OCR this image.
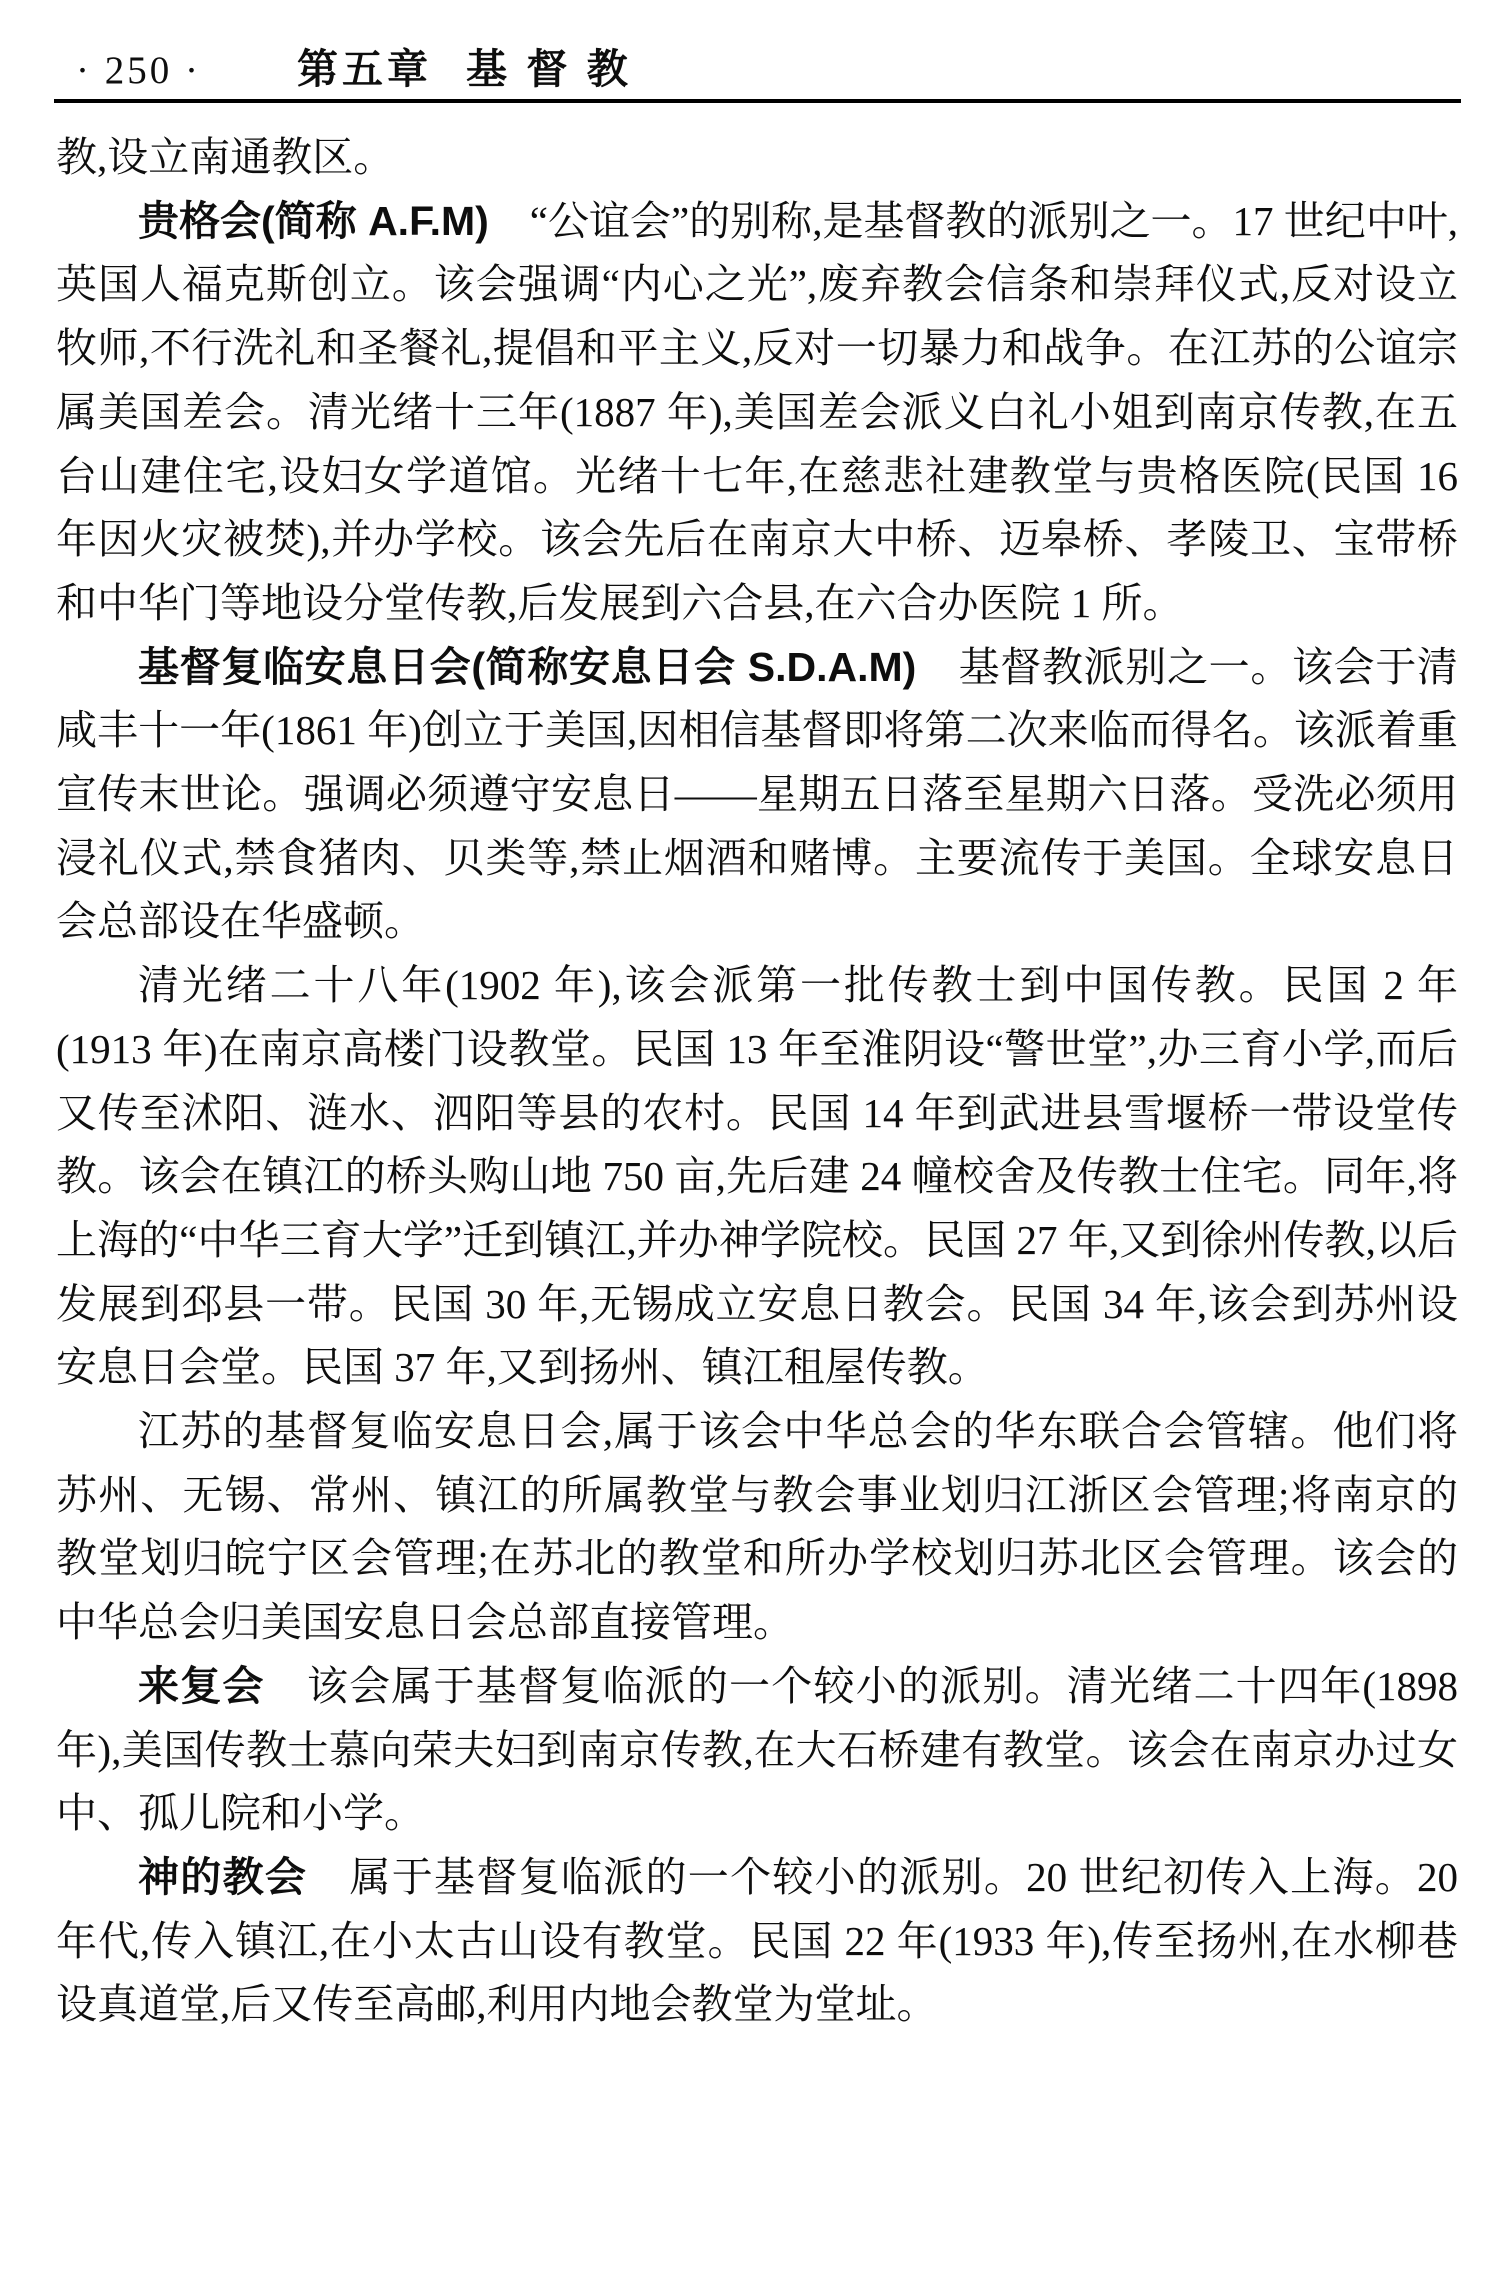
· 250 · 第五章 基 督 教

教,设立南通教区。

贵格会(简称 A.F.M)　“公谊会”的别称,是基督教的派别之一。17 世纪中叶,英国人福克斯创立。该会强调“内心之光”,废弃教会信条和崇拜仪式,反对设立牧师,不行洗礼和圣餐礼,提倡和平主义,反对一切暴力和战争。在江苏的公谊宗属美国差会。清光绪十三年(1887 年),美国差会派义白礼小姐到南京传教,在五台山建住宅,设妇女学道馆。光绪十七年,在慈悲社建教堂与贵格医院(民国 16 年因火灾被焚),并办学校。该会先后在南京大中桥、迈皋桥、孝陵卫、宝带桥和中华门等地设分堂传教,后发展到六合县,在六合办医院 1 所。

基督复临安息日会(简称安息日会 S.D.A.M)　基督教派别之一。该会于清咸丰十一年(1861 年)创立于美国,因相信基督即将第二次来临而得名。该派着重宣传末世论。强调必须遵守安息日——星期五日落至星期六日落。受洗必须用浸礼仪式,禁食猪肉、贝类等,禁止烟酒和赌博。主要流传于美国。全球安息日会总部设在华盛顿。

清光绪二十八年(1902 年),该会派第一批传教士到中国传教。民国 2 年(1913 年)在南京高楼门设教堂。民国 13 年至淮阴设“警世堂”,办三育小学,而后又传至沭阳、涟水、泗阳等县的农村。民国 14 年到武进县雪堰桥一带设堂传教。该会在镇江的桥头购山地 750 亩,先后建 24 幢校舍及传教士住宅。同年,将上海的“中华三育大学”迁到镇江,并办神学院校。民国 27 年,又到徐州传教,以后发展到邳县一带。民国 30 年,无锡成立安息日教会。民国 34 年,该会到苏州设安息日会堂。民国 37 年,又到扬州、镇江租屋传教。

江苏的基督复临安息日会,属于该会中华总会的华东联合会管辖。他们将苏州、无锡、常州、镇江的所属教堂与教会事业划归江浙区会管理;将南京的教堂划归皖宁区会管理;在苏北的教堂和所办学校划归苏北区会管理。该会的中华总会归美国安息日会总部直接管理。

来复会　该会属于基督复临派的一个较小的派别。清光绪二十四年(1898 年),美国传教士慕向荣夫妇到南京传教,在大石桥建有教堂。该会在南京办过女中、孤儿院和小学。

神的教会　属于基督复临派的一个较小的派别。20 世纪初传入上海。20 年代,传入镇江,在小太古山设有教堂。民国 22 年(1933 年),传至扬州,在水柳巷设真道堂,后又传至高邮,利用内地会教堂为堂址。
